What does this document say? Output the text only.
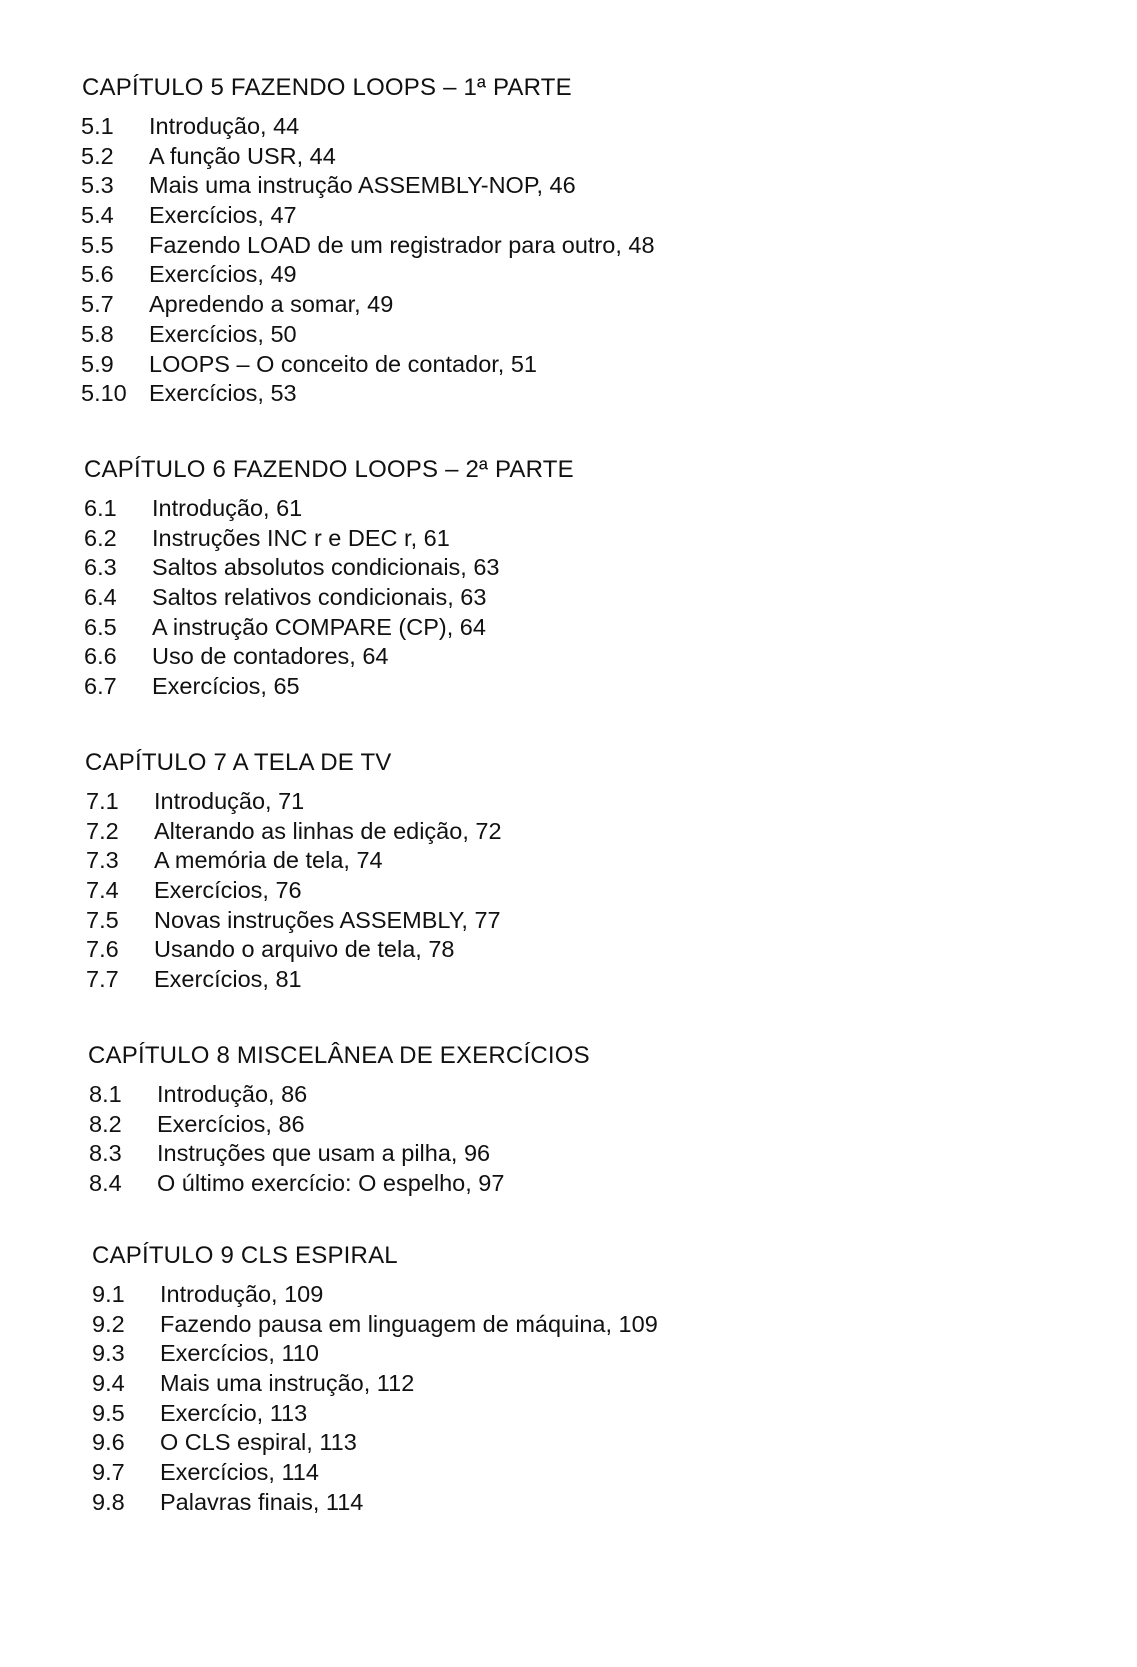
CAPÍTULO 5 FAZENDO LOOPS – 1ª PARTE
5.1	Introdução, 44
5.2	A função USR, 44
5.3	Mais uma instrução ASSEMBLY-NOP, 46
5.4	Exercícios, 47
5.5	Fazendo LOAD de um registrador para outro, 48
5.6	Exercícios, 49
5.7	Apredendo a somar, 49
5.8	Exercícios, 50
5.9	LOOPS – O conceito de contador, 51
5.10 Exercícios, 53
CAPÍTULO 6 FAZENDO LOOPS – 2ª PARTE
6.1	Introdução, 61
6.2	Instruções INC r e DEC r, 61
6.3	Saltos absolutos condicionais, 63
6.4	Saltos relativos condicionais, 63
6.5	A instrução COMPARE (CP), 64
6.6	Uso de contadores, 64
6.7	Exercícios, 65
CAPÍTULO 7 A TELA DE TV
7.1	Introdução, 71
7.2	Alterando as linhas de edição, 72
7.3	A memória de tela, 74
7.4	Exercícios, 76
7.5	Novas instruções ASSEMBLY, 77
7.6	Usando o arquivo de tela, 78
7.7	Exercícios, 81
CAPÍTULO 8 MISCELÂNEA DE EXERCÍCIOS
8.1	Introdução, 86
8.2	Exercícios, 86
8.3	Instruções que usam a pilha, 96
8.4	O último exercício: O espelho, 97
CAPÍTULO 9 CLS ESPIRAL
9.1	Introdução, 109
9.2	Fazendo pausa em linguagem de máquina, 109
9.3	Exercícios, 110
9.4	Mais uma instrução, 112
9.5	Exercício, 113
9.6	O CLS espiral, 113
9.7	Exercícios, 114
9.8	Palavras finais, 114
